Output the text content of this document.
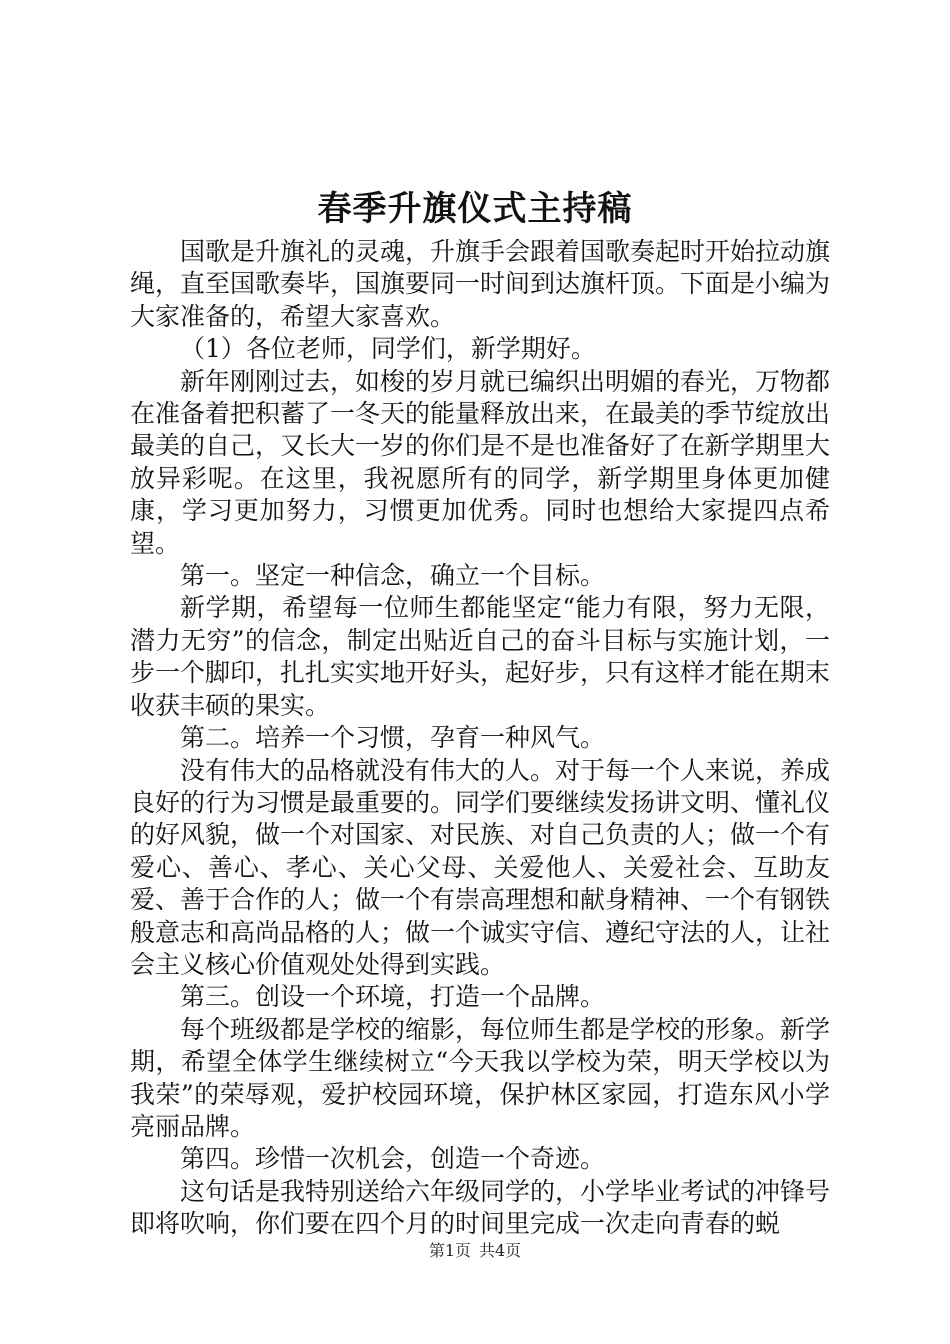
春季升旗仪式主持稿

国歌是升旗礼的灵魂，升旗手会跟着国歌奏起时开始拉动旗绳，直至国歌奏毕，国旗要同一时间到达旗杆顶。下面是小编为大家准备的，希望大家喜欢。

（1）各位老师，同学们，新学期好。

新年刚刚过去，如梭的岁月就已编织出明媚的春光，万物都在准备着把积蓄了一冬天的能量释放出来，在最美的季节绽放出最美的自己，又长大一岁的你们是不是也准备好了在新学期里大放异彩呢。在这里，我祝愿所有的同学，新学期里身体更加健康，学习更加努力，习惯更加优秀。同时也想给大家提四点希望。

第一。坚定一种信念，确立一个目标。

新学期，希望每一位师生都能坚定“能力有限，努力无限，潜力无穷”的信念，制定出贴近自己的奋斗目标与实施计划，一步一个脚印，扎扎实实地开好头，起好步，只有这样才能在期末收获丰硕的果实。

第二。培养一个习惯，孕育一种风气。

没有伟大的品格就没有伟大的人。对于每一个人来说，养成良好的行为习惯是最重要的。同学们要继续发扬讲文明、懂礼仪的好风貌，做一个对国家、对民族、对自己负责的人；做一个有爱心、善心、孝心、关心父母、关爱他人、关爱社会、互助友爱、善于合作的人；做一个有崇高理想和献身精神、一个有钢铁般意志和高尚品格的人；做一个诚实守信、遵纪守法的人，让社会主义核心价值观处处得到实践。

第三。创设一个环境，打造一个品牌。

每个班级都是学校的缩影，每位师生都是学校的形象。新学期，希望全体学生继续树立“今天我以学校为荣，明天学校以为我荣”的荣辱观，爱护校园环境，保护林区家园，打造东风小学亮丽品牌。

第四。珍惜一次机会，创造一个奇迹。

这句话是我特别送给六年级同学的，小学毕业考试的冲锋号即将吹响，你们要在四个月的时间里完成一次走向青春的蜕

第1页 共4页
